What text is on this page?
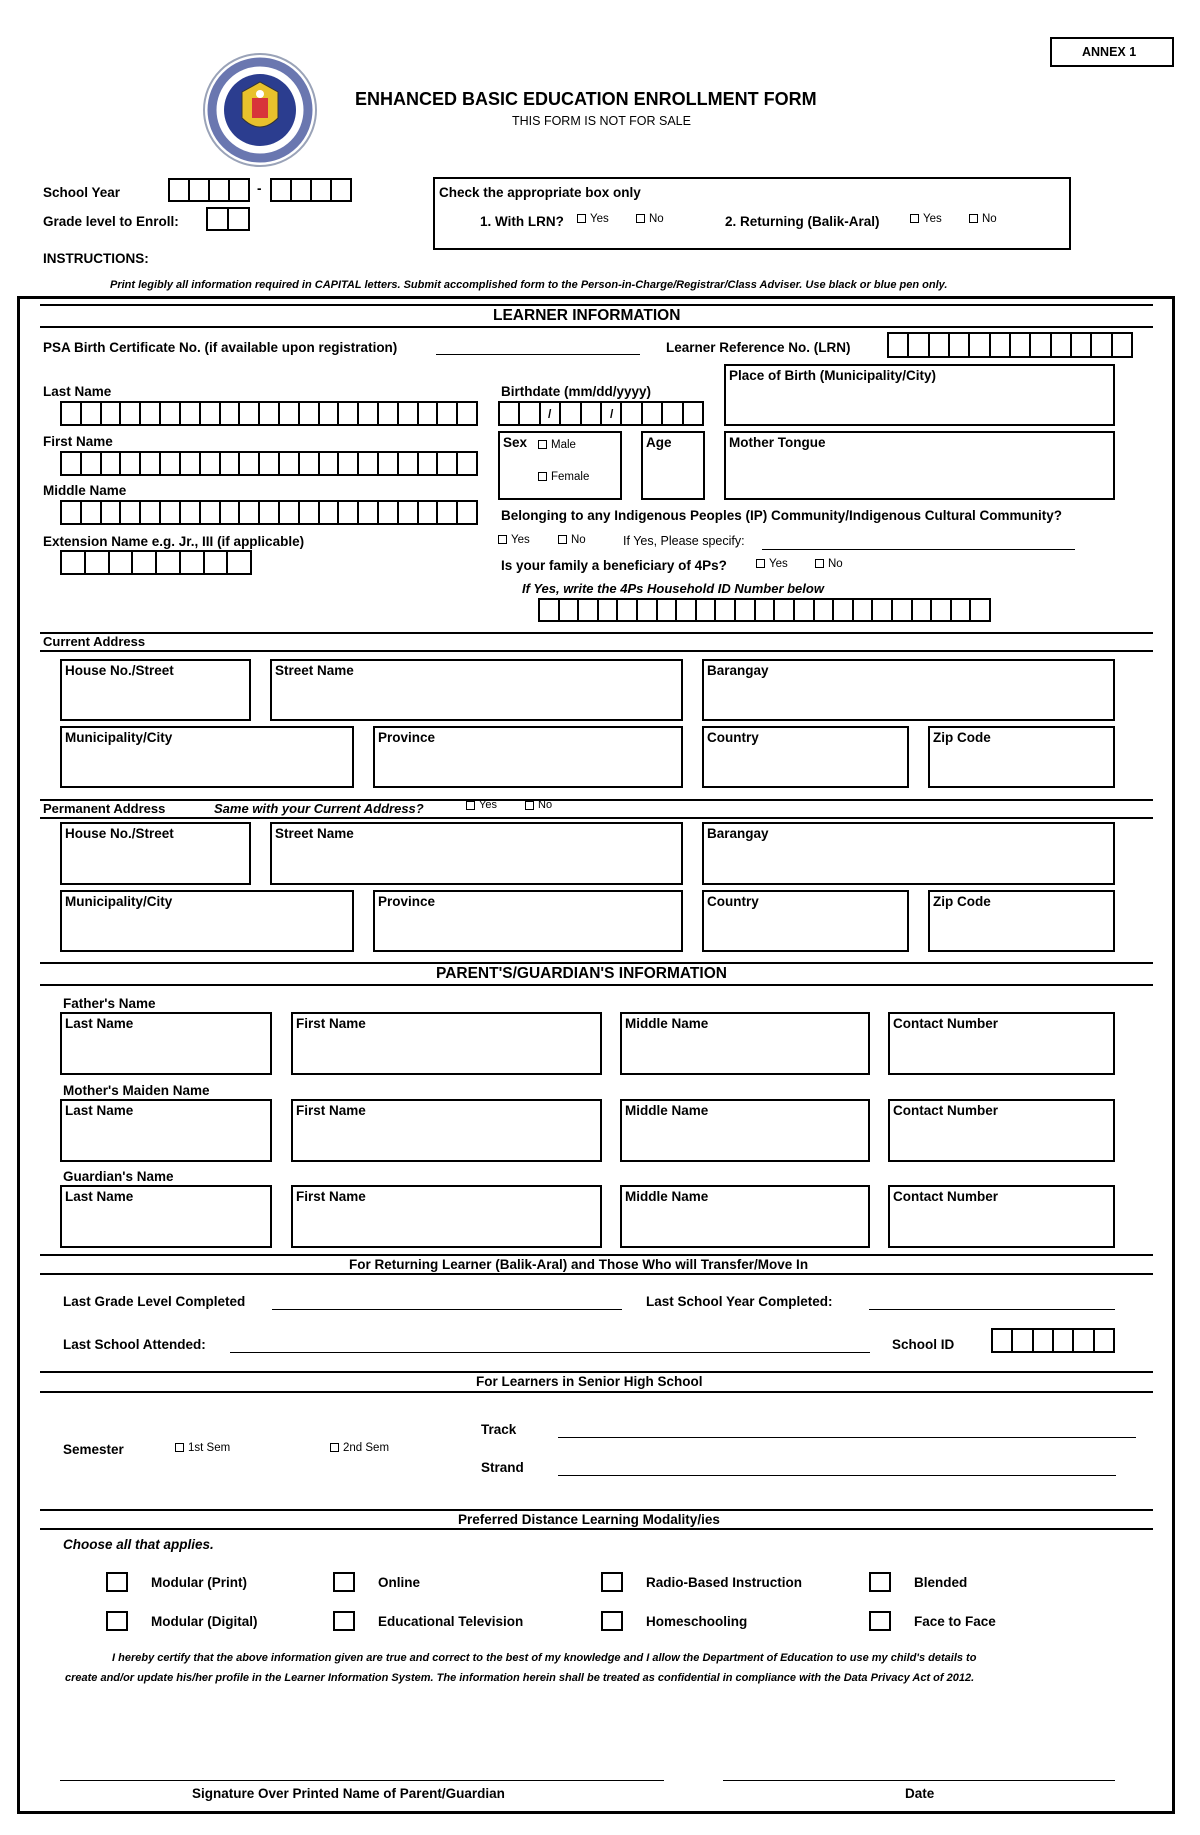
ANNEX 1
ENHANCED BASIC EDUCATION ENROLLMENT FORM
THIS FORM IS NOT FOR SALE
School Year	-
Grade level to Enroll:
Check the appropriate box only
1. With LRN?	2. Returning (Balik-Aral)
Yes	No	Yes	No
INSTRUCTIONS:
Print legibly all information required in CAPITAL letters. Submit accomplished form to the Person-in-Charge/Registrar/Class Adviser. Use black or blue pen only.
LEARNER INFORMATION
PSA Birth Certificate No. (if available upon registration)	Learner Reference No. (LRN)
Last Name	Birthdate (mm/dd/yyyy)
/	/
Place of Birth (Municipality/City)
First Name	Sex	Male
Female
Age	Mother Tongue
Middle Name
Belonging to any Indigenous Peoples (IP) Community/Indigenous Cultural Community?
Yes	No	If Yes, Please specify:
Extension Name e.g. Jr., III (if applicable)
Is your family a beneficiary of 4Ps?	Yes	No
If Yes, write the 4Ps Household ID Number below
Current Address
House No./Street	Street Name	Barangay
Municipality/City	Province	Country	Zip Code
Permanent Address	Same with your Current Address?	Yes	No
House No./Street	Street Name	Barangay
Municipality/City	Province	Country	Zip Code
PARENT'S/GUARDIAN'S INFORMATION
Father's Name
Last Name	First Name	Middle Name	Contact Number
Mother's Maiden Name
Last Name	First Name	Middle Name	Contact Number
Guardian's Name
Last Name	First Name	Middle Name	Contact Number
For Returning Learner (Balik-Aral) and Those Who will Transfer/Move In
Last Grade Level Completed	Last School Year Completed:
Last School Attended:	School ID
For Learners in Senior High School
Semester	1st Sem	2nd Sem
Track
Strand
Preferred Distance Learning Modality/ies
Choose all that applies.
Modular (Print)	Online	Radio-Based Instruction	Blended
Modular (Digital)	Educational Television	Homeschooling	Face to Face
I hereby certify that the above information given are true and correct to the best of my knowledge and I allow the Department of Education to use my child's details to
create and/or update his/her profile in the Learner Information System. The information herein shall be treated as confidential in compliance with the Data Privacy Act of 2012.
Signature Over Printed Name of Parent/Guardian	Date
